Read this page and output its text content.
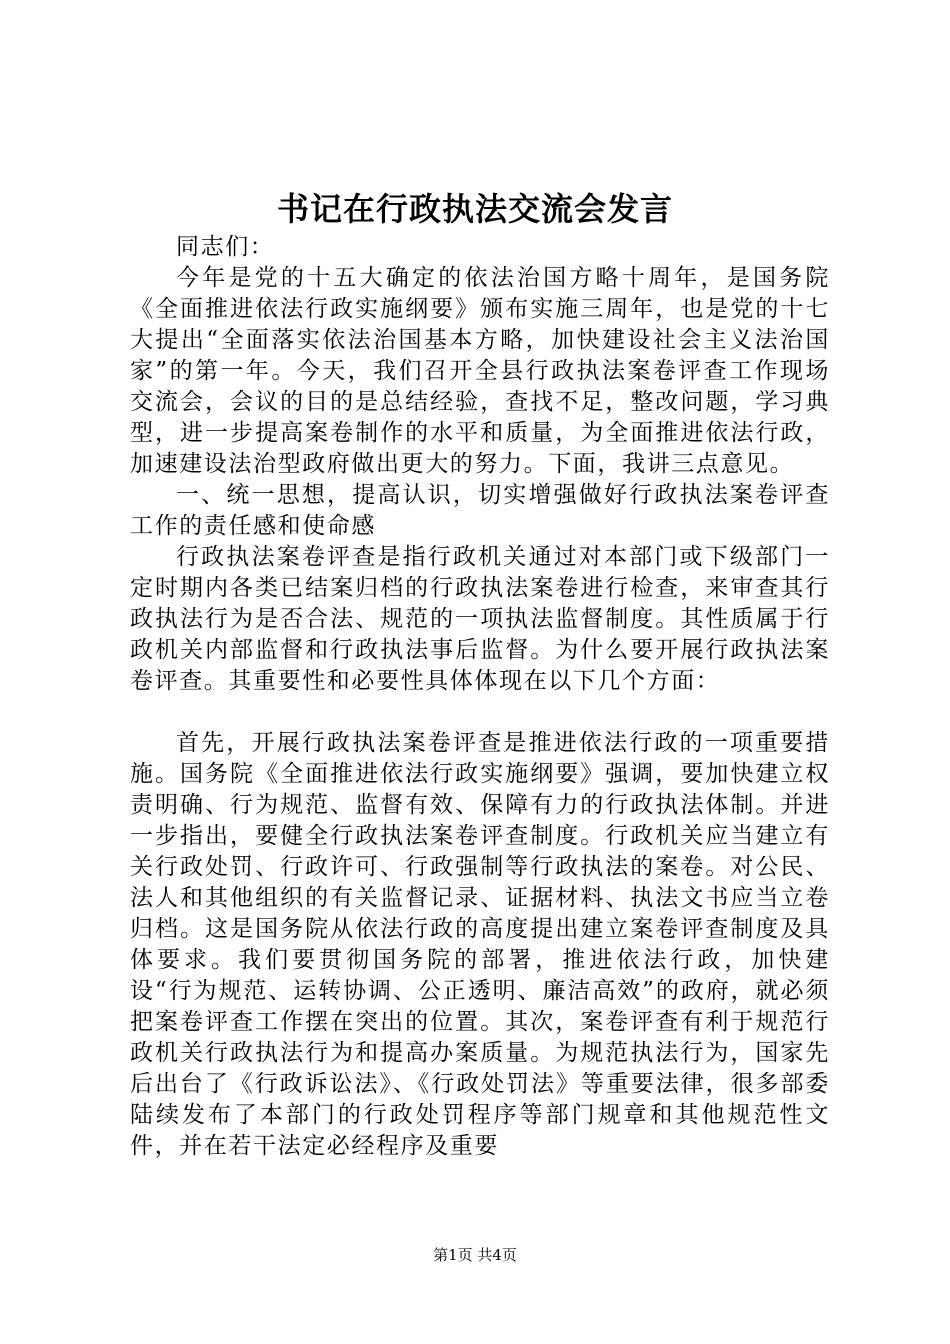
书记在行政执法交流会发言

同志们：

今年是党的十五大确定的依法治国方略十周年，是国务院《全面推进依法行政实施纲要》颁布实施三周年，也是党的十七大提出“全面落实依法治国基本方略，加快建设社会主义法治国家”的第一年。今天，我们召开全县行政执法案卷评查工作现场交流会，会议的目的是总结经验，查找不足，整改问题，学习典型，进一步提高案卷制作的水平和质量，为全面推进依法行政，加速建设法治型政府做出更大的努力。下面，我讲三点意见。

一、统一思想，提高认识，切实增强做好行政执法案卷评查工作的责任感和使命感

行政执法案卷评查是指行政机关通过对本部门或下级部门一定时期内各类已结案归档的行政执法案卷进行检查，来审查其行政执法行为是否合法、规范的一项执法监督制度。其性质属于行政机关内部监督和行政执法事后监督。为什么要开展行政执法案卷评查。其重要性和必要性具体体现在以下几个方面：

首先，开展行政执法案卷评查是推进依法行政的一项重要措施。国务院《全面推进依法行政实施纲要》强调，要加快建立权责明确、行为规范、监督有效、保障有力的行政执法体制。并进一步指出，要健全行政执法案卷评查制度。行政机关应当建立有关行政处罚、行政许可、行政强制等行政执法的案卷。对公民、法人和其他组织的有关监督记录、证据材料、执法文书应当立卷归档。这是国务院从依法行政的高度提出建立案卷评查制度及具体要求。我们要贯彻国务院的部署，推进依法行政，加快建设“行为规范、运转协调、公正透明、廉洁高效”的政府，就必须把案卷评查工作摆在突出的位置。其次，案卷评查有利于规范行政机关行政执法行为和提高办案质量。为规范执法行为，国家先后出台了《行政诉讼法》、《行政处罚法》等重要法律，很多部委陆续发布了本部门的行政处罚程序等部门规章和其他规范性文件，并在若干法定必经程序及重要

第1页 共4页
